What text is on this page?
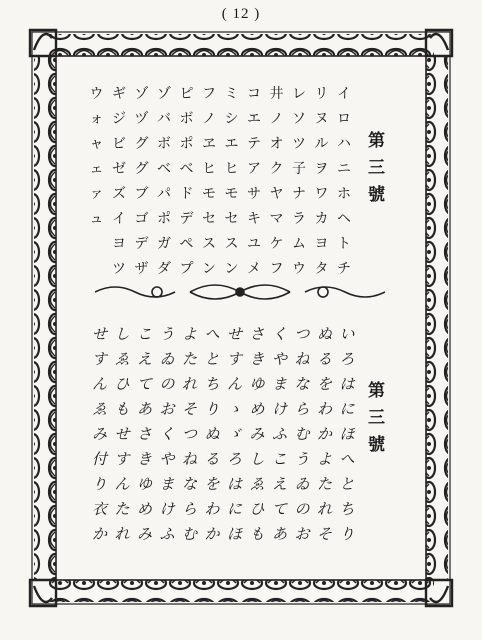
( 12 )
イ
ロ
ハ
ニ
ホ
ヘ
ト
チ
リ
ヌ
ル
ヲ
ワ
カ
ヨ
タ
レ
ソ
ツ
子
ナ
ラ
ム
ウ
井
ノ
オ
ク
ヤ
マ
ケ
フ
コ
エ
テ
ア
サ
キ
ユ
メ
ミ
シ
エ
ヒ
モ
セ
ス
ン
フ
ノ
ヱ
ヒ
モ
セ
ス
ン
ピ
ボ
ポ
ベ
ド
デ
ペ
プ
ゾ
バ
ボ
ベ
パ
ポ
ガ
ダ
ゾ
ヅ
グ
グ
ブ
ゴ
デ
ザ
ギ
ジ
ビ
ゼ
ズ
イ
ヨ
ツ
ウ
ォ
ャ
ェ
ァ
ュ
第
三
號
い
ろ
は
に
ほ
へ
と
ち
り
ぬ
る
を
わ
か
よ
た
れ
そ
つ
ね
な
ら
む
う
ゐ
の
お
く
や
ま
け
ふ
こ
え
て
あ
さ
き
ゆ
め
み
し
ゑ
ひ
も
せ
す
ん
ゝ
ゞ
ろ
は
に
ほ
へ
と
ち
り
ぬ
る
を
わ
か
よ
た
れ
そ
つ
ね
な
ら
む
う
ゐ
の
お
く
や
ま
け
ふ
こ
え
て
あ
さ
き
ゆ
め
み
し
ゑ
ひ
も
せ
す
ん
た
れ
せ
す
ん
ゑ
み
付
り
衣
か
第
三
號
